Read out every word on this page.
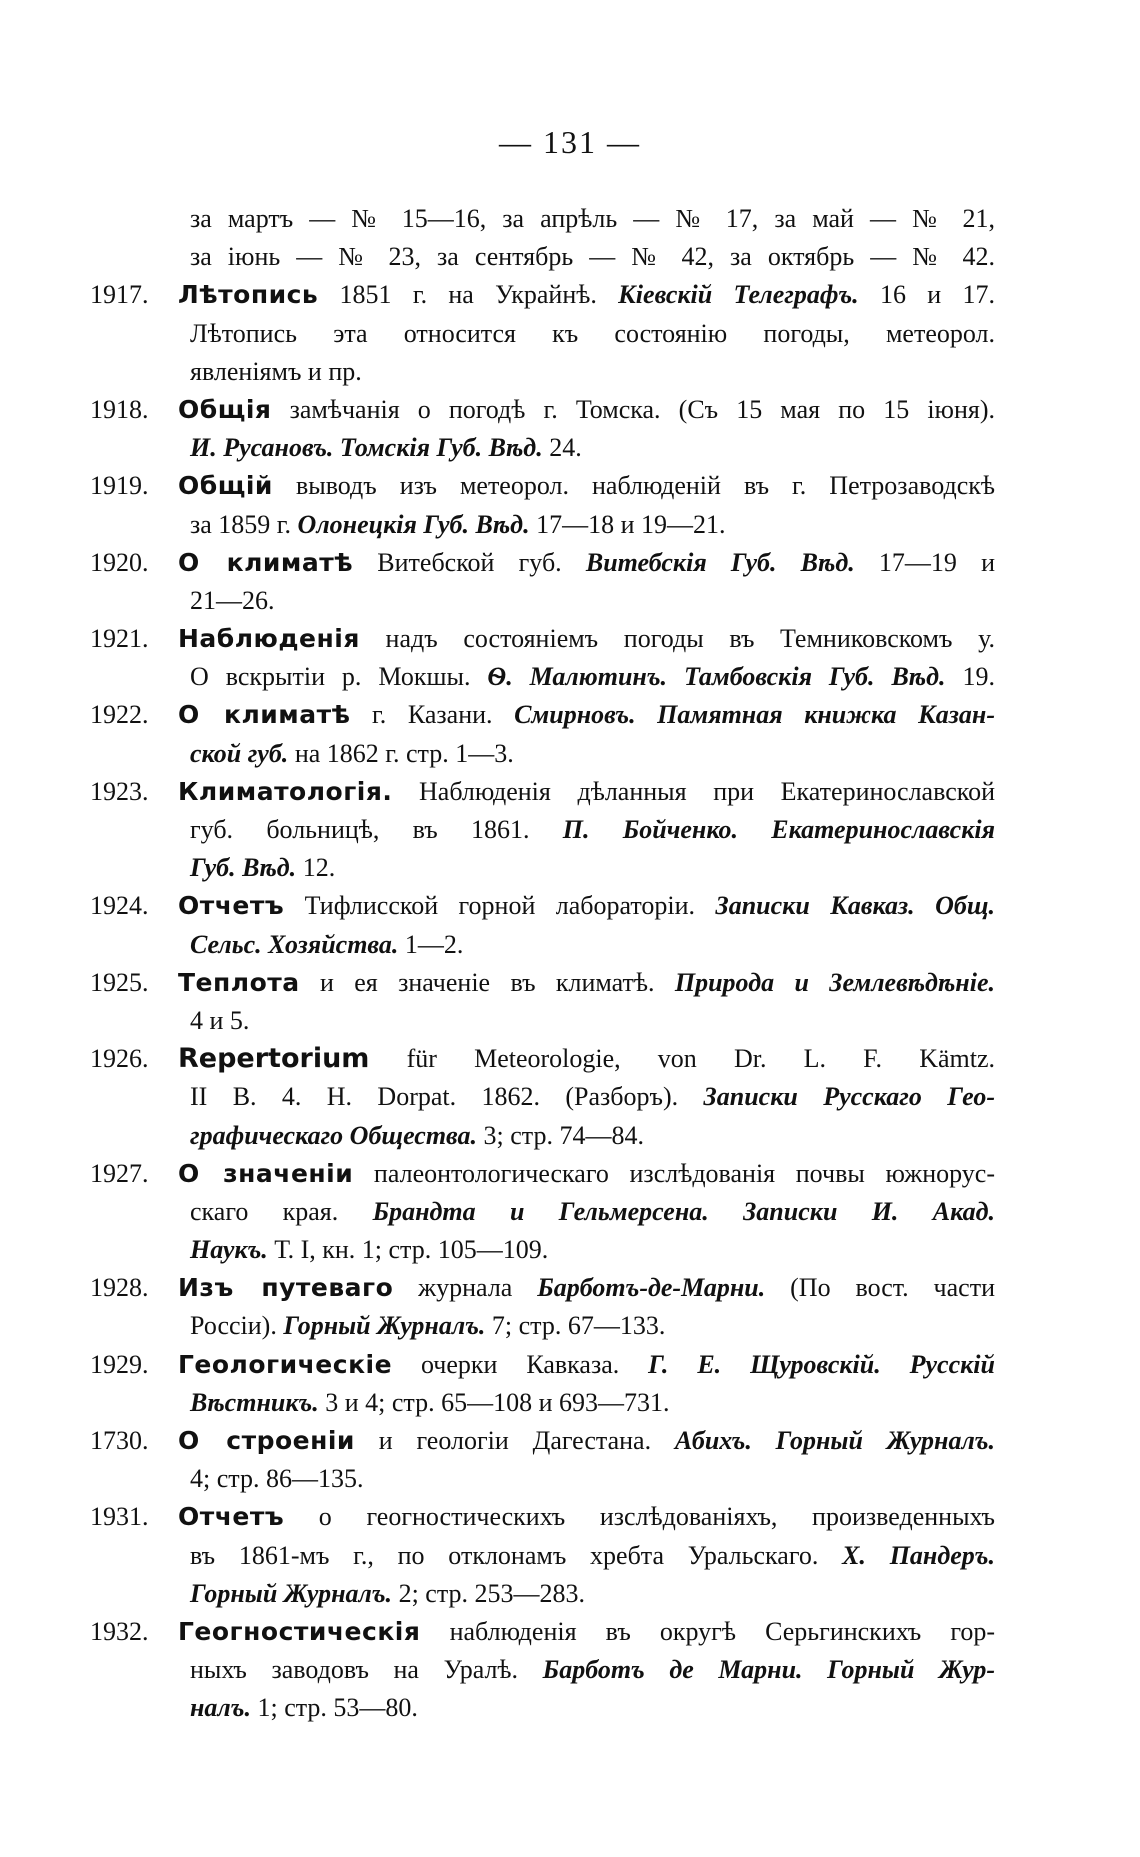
— 131 —
за мартъ — № 15—16, за апрѣль — № 17, за май — № 21,
за іюнь — № 23, за сентябрь — № 42, за октябрь — № 42.
1917.	Лѣтопись 1851 г. на Украйнѣ. Кіевскій Телеграфъ. 16 и 17.
Лѣтопись эта относится къ состоянію погоды, метеорол.
явленіямъ и пр.
1918.	Общія замѣчанія о погодѣ г. Томска. (Съ 15 мая по 15 іюня).
И. Русановъ. Томскія Губ. Вѣд. 24.
1919.	Общій выводъ изъ метеорол. наблюденій въ г. Петрозаводскѣ
за 1859 г. Олонецкія Губ. Вѣд. 17—18 и 19—21.
1920.	О климатѣ Витебской губ. Витебскія Губ. Вѣд. 17—19 и
21—26.
1921.	Наблюденія надъ состояніемъ погоды въ Темниковскомъ у.
О вскрытіи р. Мокшы. Ѳ. Малютинъ. Тамбовскія Губ. Вѣд. 19.
1922.	О климатѣ г. Казани. Смирновъ. Памятная книжка Казан-
ской губ. на 1862 г. стр. 1—3.
1923.	Климатологія. Наблюденія дѣланныя при Екатеринославской
губ. больницѣ, въ 1861. П. Бойченко. Екатеринославскія
Губ. Вѣд. 12.
1924.	Отчетъ Тифлисской горной лабораторіи. Записки Кавказ. Общ.
Сельс. Хозяйства. 1—2.
1925.	Теплота и ея значеніе въ климатѣ. Природа и Землевѣдѣніе.
4 и 5.
1926.	Repertorium für Meteorologie, von Dr. L. F. Kämtz.
II B. 4. H. Dorpat. 1862. (Разборъ). Записки Русскаго Гео-
графическаго Общества. 3; стр. 74—84.
1927.	О значеніи палеонтологическаго изслѣдованія почвы южнорус-
скаго края. Брандта и Гельмерсена. Записки И. Акад.
Наукъ. Т. I, кн. 1; стр. 105—109.
1928.	Изъ путеваго журнала Барботъ-де-Марни. (По вост. части
Россіи). Горный Журналъ. 7; стр. 67—133.
1929.	Геологическіе очерки Кавказа. Г. Е. Щуровскій. Русскій
Вѣстникъ. 3 и 4; стр. 65—108 и 693—731.
1730.	О строеніи и геологіи Дагестана. Абихъ. Горный Журналъ.
4; стр. 86—135.
1931.	Отчетъ о геогностическихъ изслѣдованіяхъ, произведенныхъ
въ 1861-мъ г., по отклонамъ хребта Уральскаго. Х. Пандеръ.
Горный Журналъ. 2; стр. 253—283.
1932.	Геогностическія наблюденія въ округѣ Серьгинскихъ гор-
ныхъ заводовъ на Уралѣ. Барботъ де Марни. Горный Жур-
налъ. 1; стр. 53—80.
